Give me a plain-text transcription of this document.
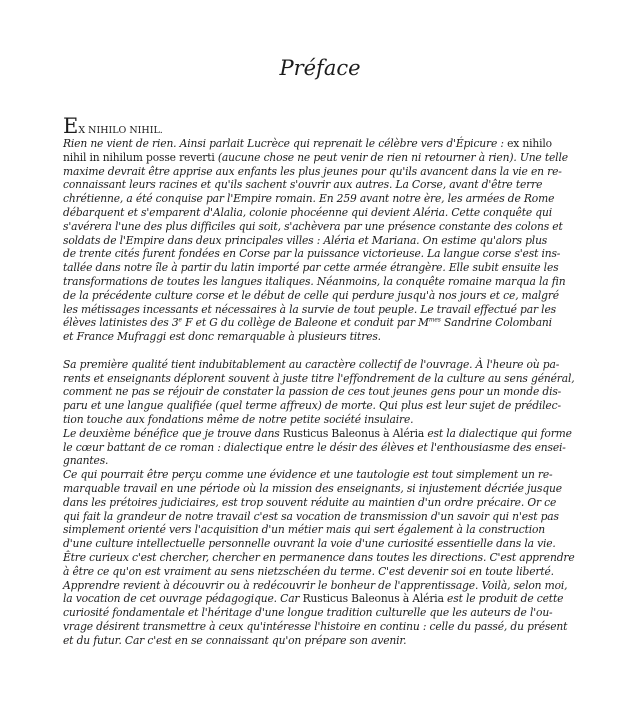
Préface

EX NIHILO NIHIL.

Rien ne vient de rien. Ainsi parlait Lucrèce qui reprenait le célèbre vers d'Épicure : ex nihilo
nihil in nihilum posse reverti (aucune chose ne peut venir de rien ni retourner à rien). Une telle
maxime devrait être apprise aux enfants les plus jeunes pour qu'ils avancent dans la vie en re-
connaissant leurs racines et qu'ils sachent s'ouvrir aux autres. La Corse, avant d'être terre
chrétienne, a été conquise par l'Empire romain. En 259 avant notre ère, les armées de Rome
débarquent et s'emparent d'Alalia, colonie phocéenne qui devient Aléria. Cette conquête qui
s'avérera l'une des plus difficiles qui soit, s'achèvera par une présence constante des colons et
soldats de l'Empire dans deux principales villes : Aléria et Mariana. On estime qu'alors plus
de trente cités furent fondées en Corse par la puissance victorieuse. La langue corse s'est ins-
tallée dans notre île à partir du latin importé par cette armée étrangère. Elle subit ensuite les
transformations de toutes les langues italiques. Néanmoins, la conquête romaine marqua la fin
de la précédente culture corse et le début de celle qui perdure jusqu'à nos jours et ce, malgré
les métissages incessants et nécessaires à la survie de tout peuple. Le travail effectué par les
élèves latinistes des 3e F et G du collège de Baleone et conduit par $M^{mes}$ Sandrine Colombani
et France Mufraggi est donc remarquable à plusieurs titres.

Sa première qualité tient indubitablement au caractère collectif de l'ouvrage. À l'heure où pa-
rents et enseignants déplorent souvent à juste titre l'effondrement de la culture au sens général,
comment ne pas se réjouir de constater la passion de ces tout jeunes gens pour un monde dis-
paru et une langue qualifiée (quel terme affreux) de morte. Qui plus est leur sujet de prédilec-
tion touche aux fondations même de notre petite société insulaire.

Le deuxième bénéfice que je trouve dans Rusticus Baleonus à Aléria est la dialectique qui forme
le cœur battant de ce roman : dialectique entre le désir des élèves et l'enthousiasme des ensei-
gnantes.

Ce qui pourrait être perçu comme une évidence et une tautologie est tout simplement un re-
marquable travail en une période où la mission des enseignants, si injustement décriée jusque
dans les prétoires judiciaires, est trop souvent réduite au maintien d'un ordre précaire. Or ce
qui fait la grandeur de notre travail c'est sa vocation de transmission d'un savoir qui n'est pas
simplement orienté vers l'acquisition d'un métier mais qui sert également à la construction
d'une culture intellectuelle personnelle ouvrant la voie d'une curiosité essentielle dans la vie.
Être curieux c'est chercher, chercher en permanence dans toutes les directions. C'est apprendre
à être ce qu'on est vraiment au sens nietzschéen du terme. C'est devenir soi en toute liberté.
Apprendre revient à découvrir ou à redécouvrir le bonheur de l'apprentissage. Voilà, selon moi,
la vocation de cet ouvrage pédagogique. Car Rusticus Baleonus à Aléria est le produit de cette
curiosité fondamentale et l'héritage d'une longue tradition culturelle que les auteurs de l'ou-
vrage désirent transmettre à ceux qu'intéresse l'histoire en continu : celle du passé, du présent
et du futur. Car c'est en se connaissant qu'on prépare son avenir.
